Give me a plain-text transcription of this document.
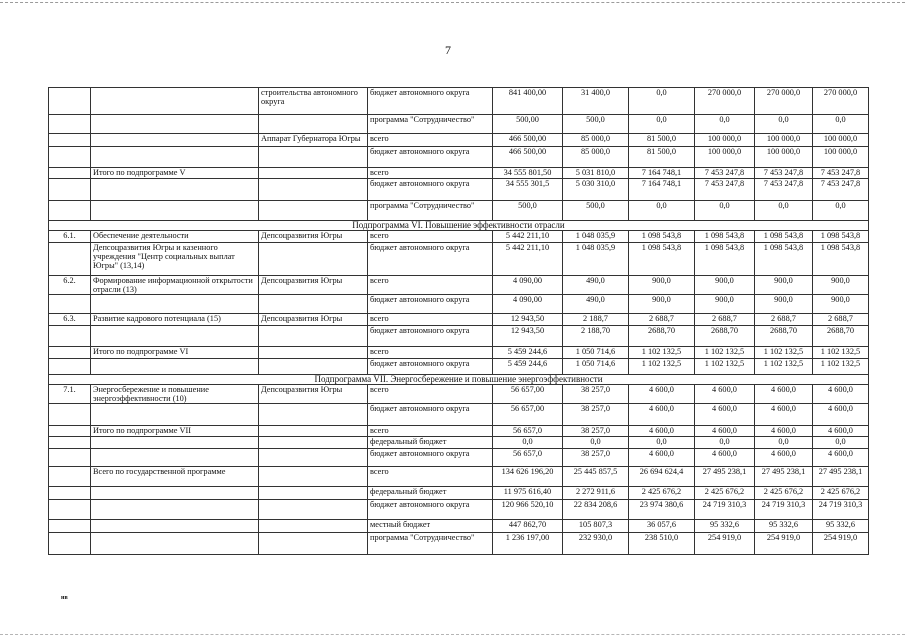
7
		строительства автономного округа	бюджет автономного округа	841 400,00	31 400,0	0,0	270 000,0	270 000,0	270 000,0
			программа "Сотрудничество"	500,00	500,0	0,0	0,0	0,0	0,0
		Аппарат Губернатора Югры	всего	466 500,00	85 000,0	81 500,0	100 000,0	100 000,0	100 000,0
			бюджет автономного округа	466 500,00	85 000,0	81 500,0	100 000,0	100 000,0	100 000,0
	Итого по подпрограмме V		всего	34 555 801,50	5 031 810,0	7 164 748,1	7 453 247,8	7 453 247,8	7 453 247,8
			бюджет автономного округа	34 555 301,5	5 030 310,0	7 164 748,1	7 453 247,8	7 453 247,8	7 453 247,8
			программа "Сотрудничество"	500,0	500,0	0,0	0,0	0,0	0,0
Подпрограмма VI. Повышение эффективности отрасли									
6.1.	Обеспечение деятельности	Депсоцразвития Югры	всего	5 442 211,10	1 048 035,9	1 098 543,8	1 098 543,8	1 098 543,8	1 098 543,8
	Депсоцразвития Югры и казенного учреждения "Центр социальных выплат Югры" (13,14)		бюджет автономного округа	5 442 211,10	1 048 035,9	1 098 543,8	1 098 543,8	1 098 543,8	1 098 543,8
6.2.	Формирование информационной открытости отрасли (13)	Депсоцразвития Югры	всего	4 090,00	490,0	900,0	900,0	900,0	900,0
			бюджет автономного округа	4 090,00	490,0	900,0	900,0	900,0	900,0
6.3.	Развитие кадрового потенциала (15)	Депсоцразвития Югры	всего	12 943,50	2 188,7	2 688,7	2 688,7	2 688,7	2 688,7
			бюджет автономного округа	12 943,50	2 188,70	2688,70	2688,70	2688,70	2688,70
	Итого по подпрограмме VI		всего	5 459 244,6	1 050 714,6	1 102 132,5	1 102 132,5	1 102 132,5	1 102 132,5
			бюджет автономного округа	5 459 244,6	1 050 714,6	1 102 132,5	1 102 132,5	1 102 132,5	1 102 132,5
Подпрограмма VII. Энергосбережение и повышение энергоэффективности									
7.1.	Энергосбережение и повышение энергоэффективности (10)	Депсоцразвития Югры	всего	56 657,00	38 257,0	4 600,0	4 600,0	4 600,0	4 600,0
			бюджет автономного округа	56 657,00	38 257,0	4 600,0	4 600,0	4 600,0	4 600,0
	Итого по подпрограмме VII		всего	56 657,0	38 257,0	4 600,0	4 600,0	4 600,0	4 600,0
			федеральный бюджет	0,0	0,0	0,0	0,0	0,0	0,0
			бюджет автономного округа	56 657,0	38 257,0	4 600,0	4 600,0	4 600,0	4 600,0
	Всего по государственной программе		всего	134 626 196,20	25 445 857,5	26 694 624,4	27 495 238,1	27 495 238,1	27 495 238,1
			федеральный бюджет	11 975 616,40	2 272 911,6	2 425 676,2	2 425 676,2	2 425 676,2	2 425 676,2
			бюджет автономного округа	120 966 520,10	22 834 208,6	23 974 380,6	24 719 310,3	24 719 310,3	24 719 310,3
			местный бюджет	447 862,70	105 807,3	36 057,6	95 332,6	95 332,6	95 332,6
			программа "Сотрудничество"	1 236 197,00	232 930,0	238 510,0	254 919,0	254 919,0	254 919,0
нв
